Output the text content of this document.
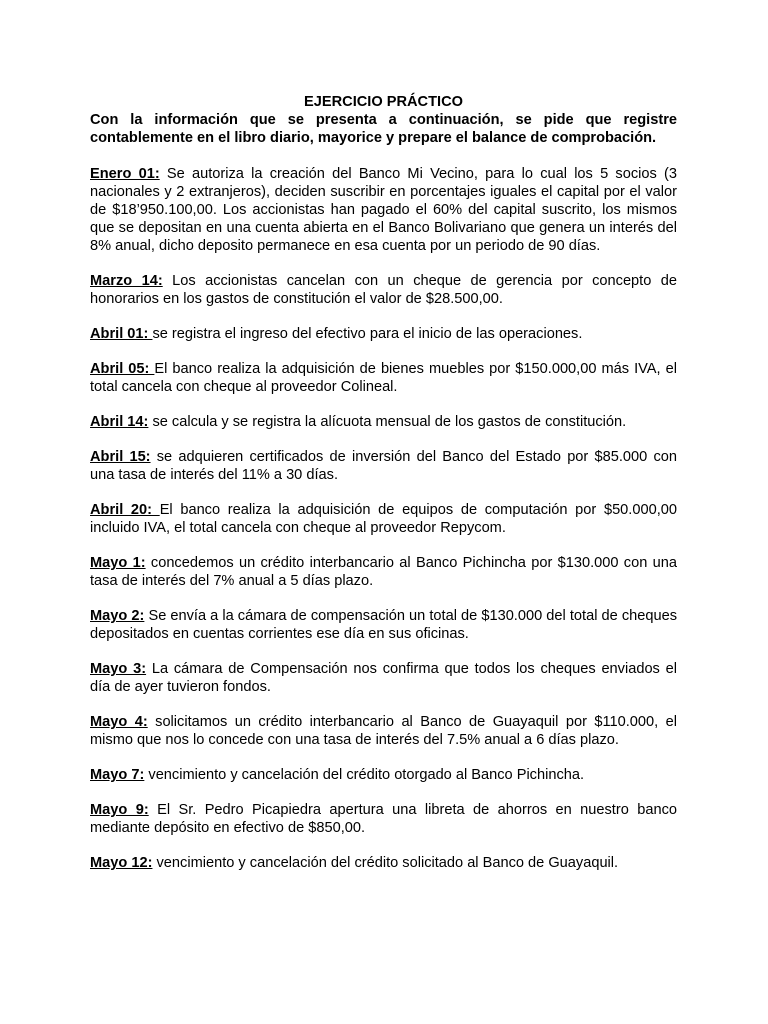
EJERCICIO PRÁCTICO

Con la información que se presenta a continuación, se pide que registre contablemente en el libro diario, mayorice y prepare el balance de comprobación.

Enero 01: Se autoriza la creación del Banco Mi Vecino, para lo cual los 5 socios (3 nacionales y 2 extranjeros), deciden suscribir en porcentajes iguales el capital por el valor de $18’950.100,00. Los accionistas han pagado el 60% del capital suscrito, los mismos que se depositan en una cuenta abierta en el Banco Bolivariano que genera un interés del 8% anual, dicho deposito permanece en esa cuenta por un periodo de 90 días.

Marzo 14: Los accionistas cancelan con un cheque de gerencia por concepto de honorarios en los gastos de constitución el valor de $28.500,00.

Abril 01: se registra el ingreso del efectivo para el inicio de las operaciones.

Abril 05: El banco realiza la adquisición de bienes muebles por $150.000,00 más IVA, el total cancela con cheque al proveedor Colineal.

Abril 14: se calcula y se registra la alícuota mensual de los gastos de constitución.

Abril 15: se adquieren certificados de inversión del Banco del Estado por $85.000 con una tasa de interés del 11% a 30 días.

Abril 20: El banco realiza la adquisición de equipos de computación por $50.000,00 incluido IVA, el total cancela con cheque al proveedor Repycom.

Mayo 1: concedemos un crédito interbancario al Banco Pichincha por $130.000 con una tasa de interés del 7% anual a 5 días plazo.

Mayo 2: Se envía a la cámara de compensación un total de $130.000 del total de cheques depositados en cuentas corrientes ese día en sus oficinas.

Mayo 3: La cámara de Compensación nos confirma que todos los cheques enviados el día de ayer tuvieron fondos.

Mayo 4: solicitamos un crédito interbancario al Banco de Guayaquil por $110.000, el mismo que nos lo concede con una tasa de interés del 7.5% anual a 6 días plazo.

Mayo 7: vencimiento y cancelación del crédito otorgado al Banco Pichincha.

Mayo 9: El Sr. Pedro Picapiedra apertura una libreta de ahorros en nuestro banco mediante depósito en efectivo de $850,00.

Mayo 12: vencimiento y cancelación del crédito solicitado al Banco de Guayaquil.
